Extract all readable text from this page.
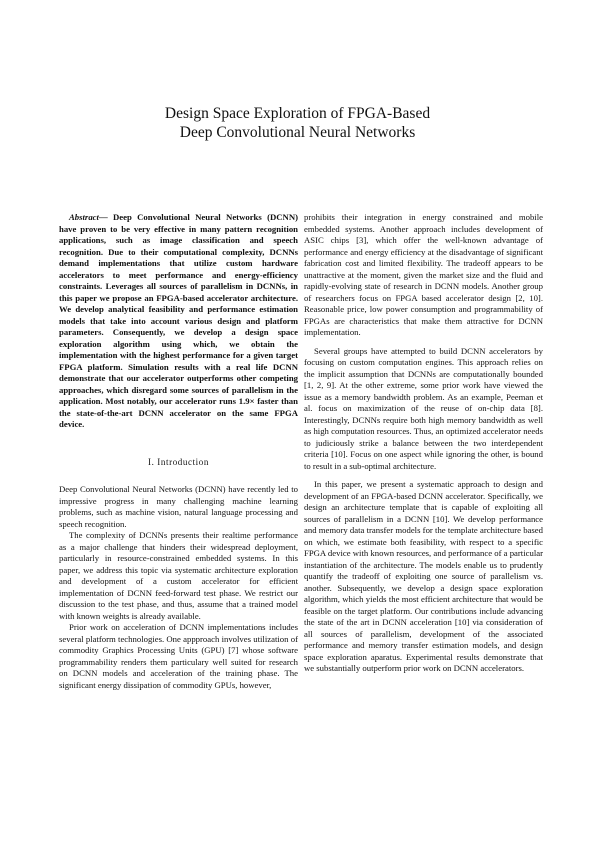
Design Space Exploration of FPGA-Based
Deep Convolutional Neural Networks

Abstract— Deep Convolutional Neural Networks (DCNN) have proven to be very effective in many pattern recognition applications, such as image classification and speech recognition. Due to their computational complexity, DCNNs demand implementations that utilize custom hardware accelerators to meet performance and energy-efficiency constraints. Leverages all sources of parallelism in DCNNs, in this paper we propose an FPGA-based accelerator architecture. We develop analytical feasibility and performance estimation models that take into account various design and platform parameters. Consequently, we develop a design space exploration algorithm using which, we obtain the implementation with the highest performance for a given target FPGA platform. Simulation results with a real life DCNN demonstrate that our accelerator outperforms other competing approaches, which disregard some sources of parallelism in the application. Most notably, our accelerator runs 1.9× faster than the state-of-the-art DCNN accelerator on the same FPGA device.

I. Introduction

Deep Convolutional Neural Networks (DCNN) have recently led to impressive progress in many challenging machine learning problems, such as machine vision, natural language processing and speech recognition.

The complexity of DCNNs presents their realtime performance as a major challenge that hinders their widespread deployment, particularly in resource-constrained embedded systems. In this paper, we address this topic via systematic architecture exploration and development of a custom accelerator for efficient implementation of DCNN feed-forward test phase. We restrict our discussion to the test phase, and thus, assume that a trained model with known weights is already available.

Prior work on acceleration of DCNN implementations includes several platform technologies. One appproach involves utilization of commodity Graphics Processing Units (GPU) [7] whose software programmability renders them particulary well suited for research on DCNN models and acceleration of the training phase. The significant energy dissipation of commodity GPUs, however,

prohibits their integration in energy constrained and mobile embedded systems. Another approach includes development of ASIC chips [3], which offer the well-known advantage of performance and energy efficiency at the disadvantage of significant fabrication cost and limited flexibility. The tradeoff appears to be unattractive at the moment, given the market size and the fluid and rapidly-evolving state of research in DCNN models. Another group of researchers focus on FPGA based accelerator design [2, 10]. Reasonable price, low power consumption and programmability of FPGAs are characteristics that make them attractive for DCNN implementation.

Several groups have attempted to build DCNN accelerators by focusing on custom computation engines. This approach relies on the implicit assumption that DCNNs are computationally bounded [1, 2, 9]. At the other extreme, some prior work have viewed the issue as a memory bandwidth problem. As an example, Peeman et al. focus on maximization of the reuse of on-chip data [8]. Interestingly, DCNNs require both high memory bandwidth as well as high computation resources. Thus, an optimized accelerator needs to judiciously strike a balance between the two interdependent criteria [10]. Focus on one aspect while ignoring the other, is bound to result in a sub-optimal architecture.

In this paper, we present a systematic approach to design and development of an FPGA-based DCNN accelerator. Specifically, we design an architecture template that is capable of exploiting all sources of parallelism in a DCNN [10]. We develop performance and memory data transfer models for the template architecture based on which, we estimate both feasibility, with respect to a specific FPGA device with known resources, and performance of a particular instantiation of the architecture. The models enable us to prudently quantify the tradeoff of exploiting one source of parallelism vs. another. Subsequently, we develop a design space exploration algorithm, which yields the most efficient architecture that would be feasible on the target platform. Our contributions include advancing the state of the art in DCNN acceleration [10] via consideration of all sources of parallelism, development of the associated performance and memory transfer estimation models, and design space exploration aparatus. Experimental results demonstrate that we substantially outperform prior work on DCNN accelerators.
